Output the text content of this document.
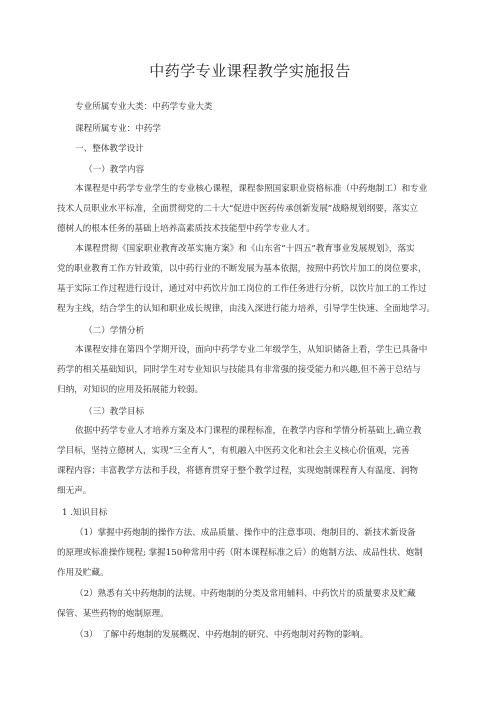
中药学专业课程教学实施报告
专业所属专业大类：中药学专业大类
课程所属专业：中药学
一、整体教学设计
（一）教学内容
本课程是中药学专业学生的专业核心课程，课程参照国家职业资格标准（中药炮制工）和专业
技术人员职业水平标准，全面贯彻党的二十大“促进中医药传承创新发展”战略规划纲要，落实立
德树人的根本任务的基础上培养高素质技术技能型中药学专业人才。
本课程贯彻《国家职业教育改革实施方案》和《山东省“十四五”教育事业发展规划》，落实
党的职业教育工作方针政策，以中药行业的不断发展为基本依据，按照中药饮片加工的岗位要求，
基于实际工作过程进行设计，通过对中药饮片加工岗位的工作任务进行分析，以饮片加工的工作过
程为主线，结合学生的认知和职业成长规律，由浅入深进行能力培养，引导学生快速、全面地学习。
（二）学情分析
本课程安排在第四个学期开设，面向中药学专业二年级学生，从知识储备上看，学生已具备中
药学的相关基础知识，同时学生对专业知识与技能具有非常强的接受能力和兴趣,但不善于总结与
归纳，对知识的应用及拓展能力较弱。
（三）教学目标
依据中药学专业人才培养方案及本门课程的课程标准，在教学内容和学情分析基础上,确立教
学目标，坚持立德树人，实现“三全育人”，有机融入中医药文化和社会主义核心价值观，完善
课程内容；丰富教学方法和手段，将德育贯穿于整个教学过程，实现炮制课程育人有温度、润物
细无声。
1 .知识目标
（1）掌握中药炮制的操作方法、成品质量、操作中的注意事项、炮制目的、新技术新设备
的原理或标准操作规程; 掌握150种常用中药（附本课程标准之后）的炮制方法、成品性状、炮制
作用及贮藏。
（2）熟悉有关中药炮制的法规、中药炮制的分类及常用辅料、中药饮片的质量要求及贮藏
保管、某些药物的炮制原理。
（3）　了解中药炮制的发展概况、中药炮制的研究、中药炮制对药物的影响。
